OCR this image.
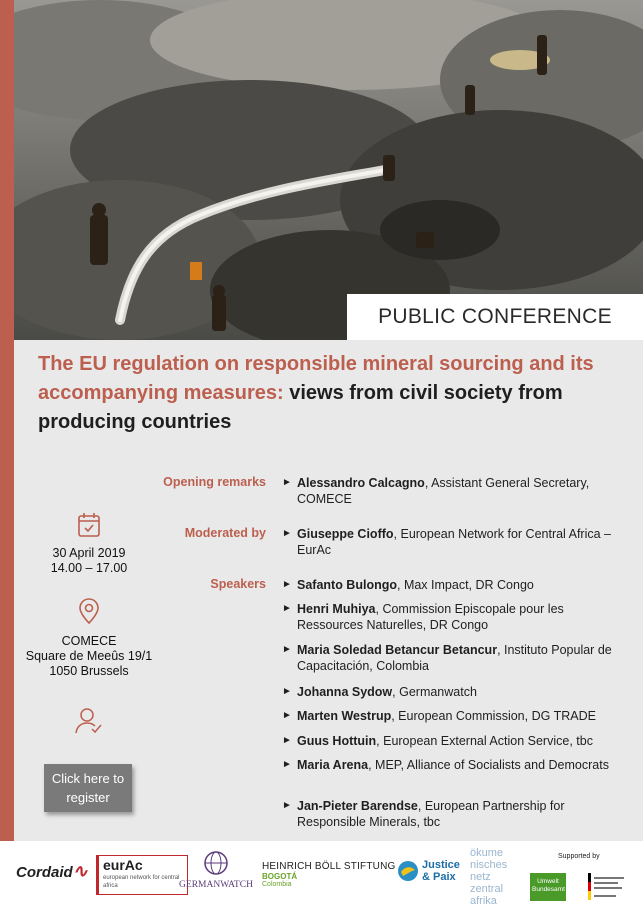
PUBLIC CONFERENCE
The EU regulation on responsible mineral sourcing and its accompanying measures: views from civil society from producing countries
30 April 2019
14.00 – 17.00
COMECE
Square de Meeûs 19/1
1050 Brussels
Click here to register
Opening remarks ► Alessandro Calcagno, Assistant General Secretary, COMECE
Moderated by ► Giuseppe Cioffo, European Network for Central Africa – EurAc
Speakers ► Safanto Bulongo, Max Impact, DR Congo
► Henri Muhiya, Commission Episcopale pour les Ressources Naturelles, DR Congo
► Maria Soledad Betancur Betancur, Instituto Popular de Capacitación, Colombia
► Johanna Sydow, Germanwatch
► Marten Westrup, European Commission, DG TRADE
► Guus Hottuin, European External Action Service, tbc
► Maria Arena, MEP, Alliance of Socialists and Democrats
► Jan-Pieter Barendse, European Partnership for Responsible Minerals, tbc
Cordaid∿ eurAc
european network for central africa	GERMANWATCH
HEINRICH BÖLL STIFTUNG
BOGOTÁ
Colombia
Justice
& Paix
ökume nisches netz zentral afrika
Supported by
Umwelt Bundesamt
